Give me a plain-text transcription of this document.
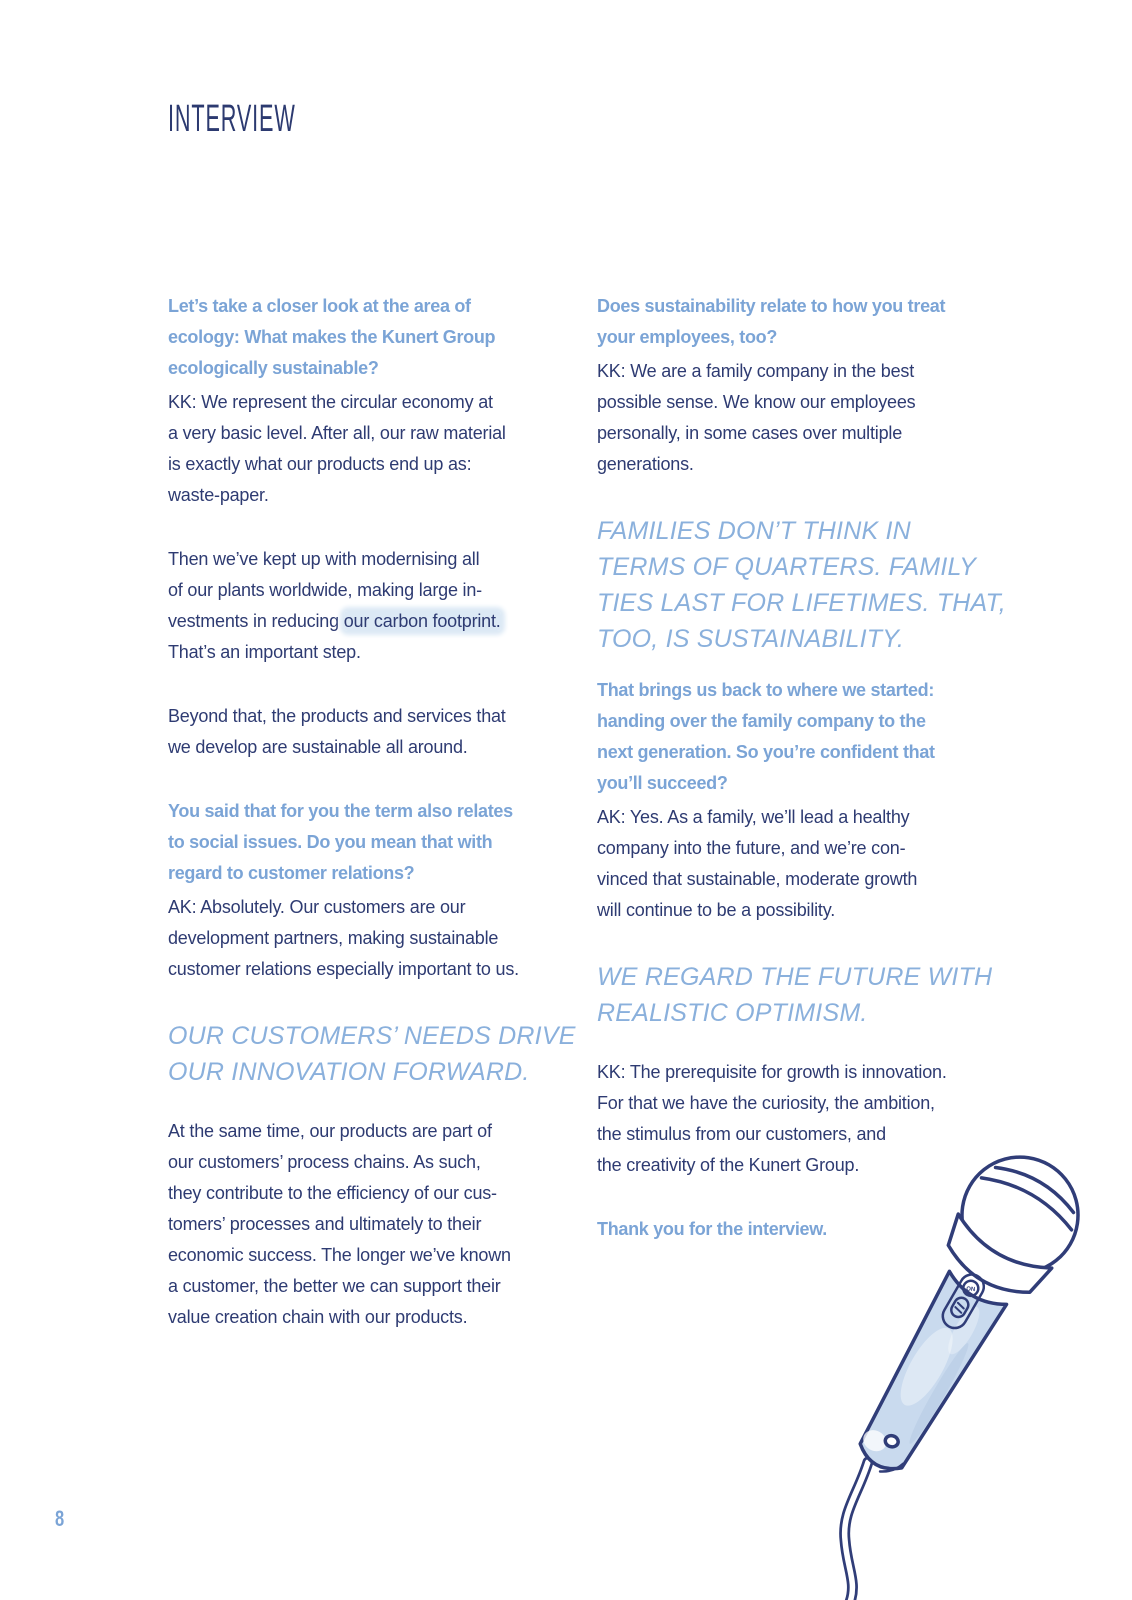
INTERVIEW
Let’s take a closer look at the area of
ecology: What makes the Kunert Group
ecologically sustainable?
KK: We represent the circular economy at
a very basic level. After all, our raw material
is exactly what our products end up as:
waste-paper.
Then we’ve kept up with modernising all
of our plants worldwide, making large in-
vestments in reducing our carbon footprint.
That’s an important step.
Beyond that, the products and services that
we develop are sustainable all around.
You said that for you the term also relates
to social issues. Do you mean that with
regard to customer relations?
AK: Absolutely. Our customers are our
development partners, making sustainable
customer relations especially important to us.
OUR CUSTOMERS’ NEEDS DRIVE
OUR INNOVATION FORWARD.
At the same time, our products are part of
our customers’ process chains. As such,
they contribute to the efficiency of our cus-
tomers’ processes and ultimately to their
economic success. The longer we’ve known
a customer, the better we can support their
value creation chain with our products.
Does sustainability relate to how you treat
your employees, too?
KK: We are a family company in the best
possible sense. We know our employees
personally, in some cases over multiple
generations.
FAMILIES DON’T THINK IN
TERMS OF QUARTERS. FAMILY
TIES LAST FOR LIFETIMES. THAT,
TOO, IS SUSTAINABILITY.
That brings us back to where we started:
handing over the family company to the
next generation. So you’re confident that
you’ll succeed?
AK: Yes. As a family, we’ll lead a healthy
company into the future, and we’re con-
vinced that sustainable, moderate growth
will continue to be a possibility.
WE REGARD THE FUTURE WITH
REALISTIC OPTIMISM.
KK: The prerequisite for growth is innovation.
For that we have the curiosity, the ambition,
the stimulus from our customers, and
the creativity of the Kunert Group.
Thank you for the interview.
ON
8
